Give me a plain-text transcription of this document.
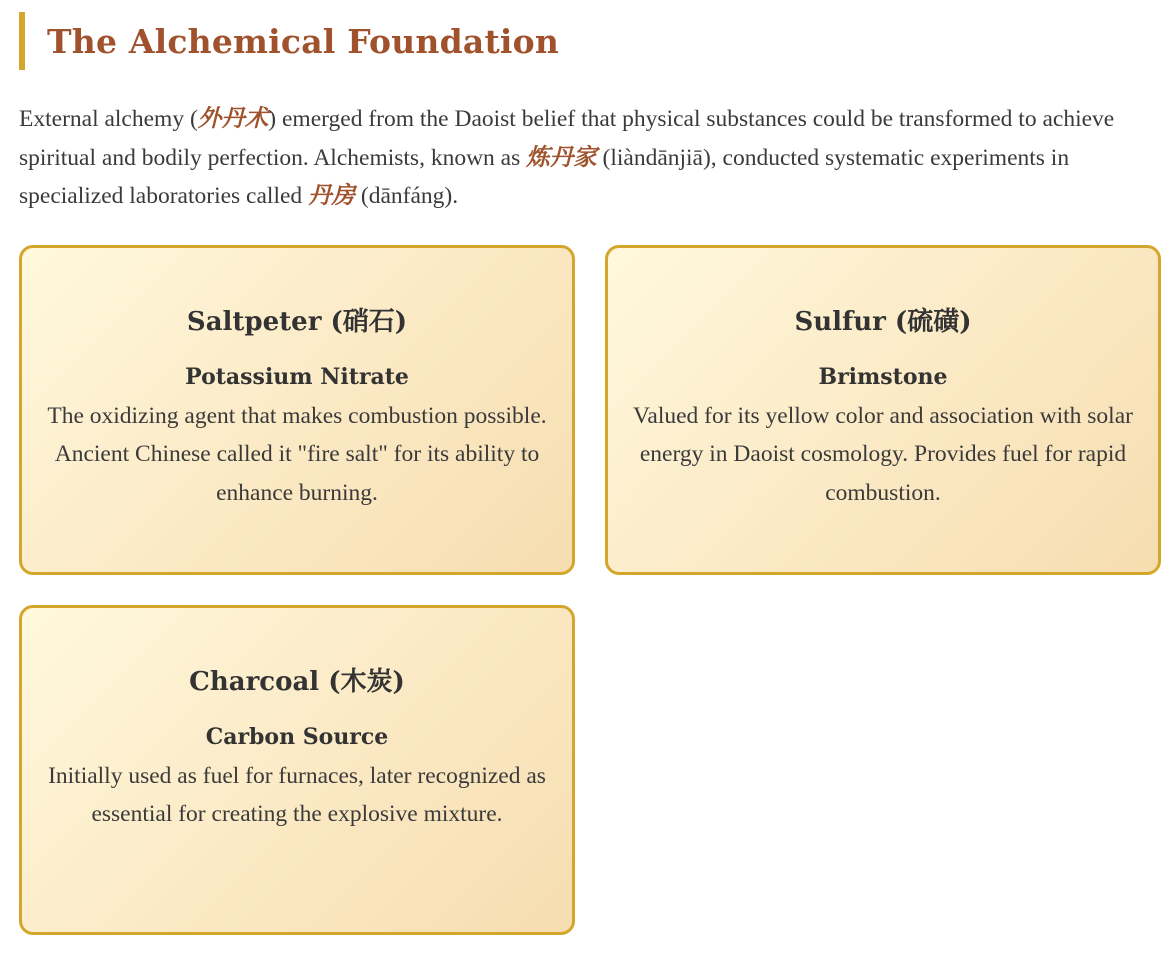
The Alchemical Foundation

External alchemy (外丹术) emerged from the Daoist belief that physical substances could be transformed to achieve spiritual and bodily perfection. Alchemists, known as 炼丹家 (liàndānjiā), conducted systematic experiments in specialized laboratories called 丹房 (dānfáng).

Saltpeter (硝石)

Potassium Nitrate

The oxidizing agent that makes combustion possible. Ancient Chinese called it "fire salt" for its ability to enhance burning.

Sulfur (硫磺)

Brimstone

Valued for its yellow color and association with solar energy in Daoist cosmology. Provides fuel for rapid combustion.

Charcoal (木炭)

Carbon Source

Initially used as fuel for furnaces, later recognized as essential for creating the explosive mixture.
